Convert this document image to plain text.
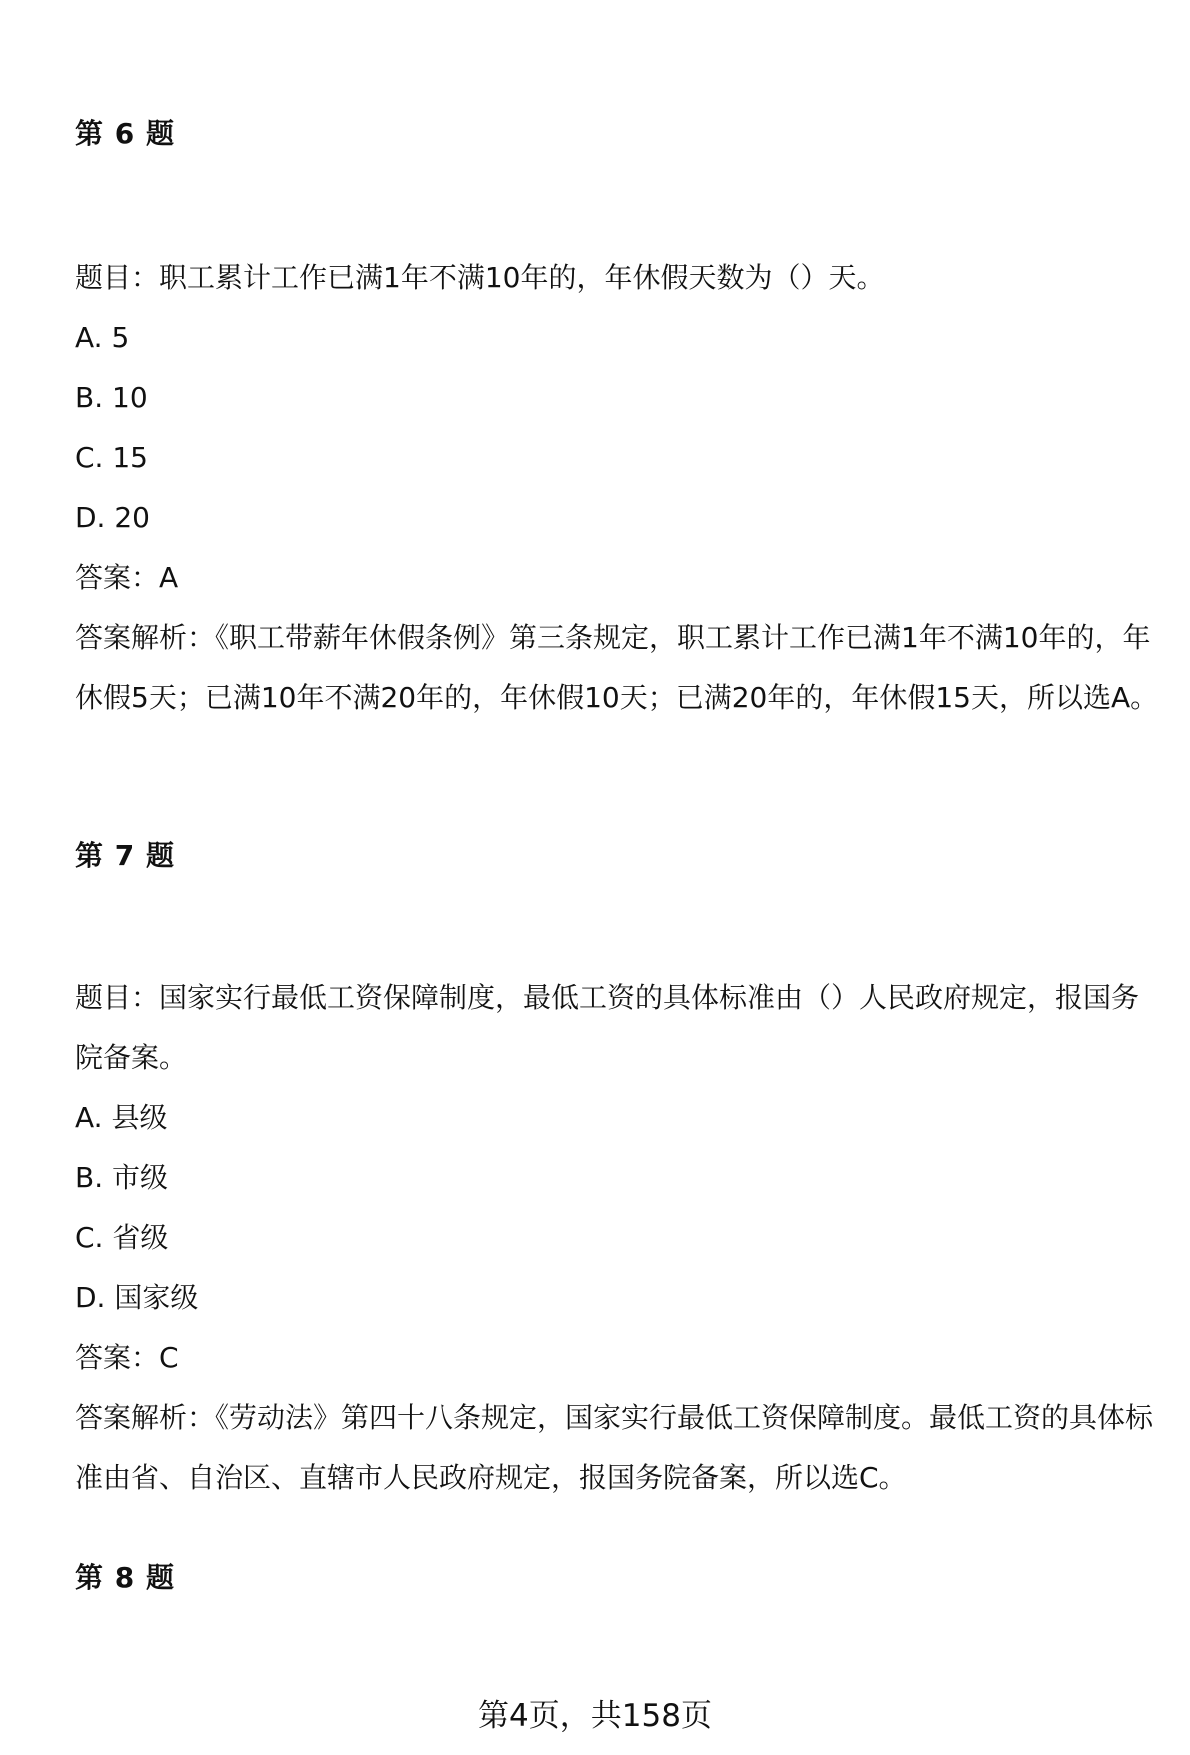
第 6 题
题目：职工累计工作已满1年不满10年的，年休假天数为（）天。
A. 5
B. 10
C. 15
D. 20
答案：A
答案解析：《职工带薪年休假条例》第三条规定，职工累计工作已满1年不满10年的，年休假5天；已满10年不满20年的，年休假10天；已满20年的，年休假15天，所以选A。
第 7 题
题目：国家实行最低工资保障制度，最低工资的具体标准由（）人民政府规定，报国务院备案。
A. 县级
B. 市级
C. 省级
D. 国家级
答案：C
答案解析：《劳动法》第四十八条规定，国家实行最低工资保障制度。最低工资的具体标准由省、自治区、直辖市人民政府规定，报国务院备案，所以选C。
第 8 题
第4页，共158页
